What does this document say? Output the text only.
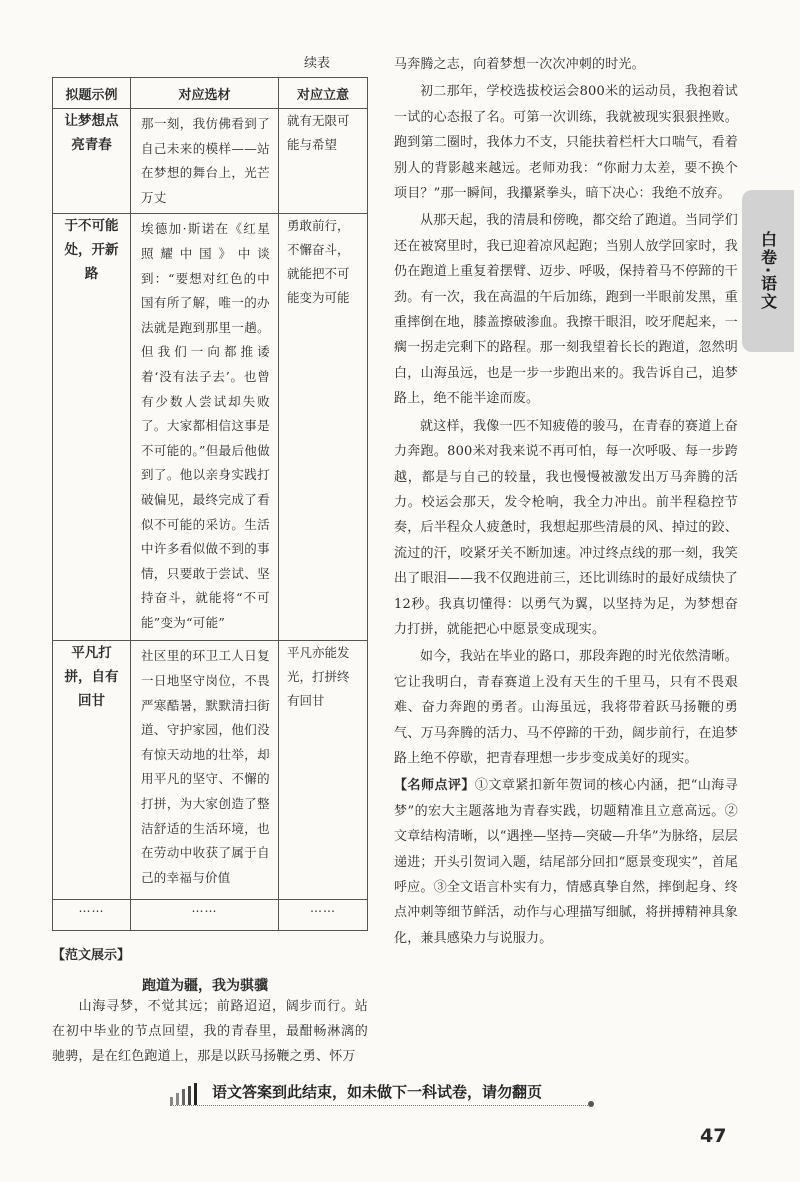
续表
拟题示例	对应选材	对应立意
让梦想点亮青春	那一刻，我仿佛看到了自己未来的模样——站在梦想的舞台上，光芒万丈	就有无限可能与希望
于不可能处，开新路	埃德加·斯诺在《红星照耀中国》中谈到：“要想对红色的中国有所了解，唯一的办法就是跑到那里一趟。但我们一向都推诿着‘没有法子去’。也曾有少数人尝试却失败了。大家都相信这事是不可能的。”但最后他做到了。他以亲身实践打破偏见，最终完成了看似不可能的采访。生活中许多看似做不到的事情，只要敢于尝试、坚持奋斗，就能将“不可能”变为“可能”	勇敢前行，不懈奋斗，就能把不可能变为可能
平凡打拼，自有回甘	社区里的环卫工人日复一日地坚守岗位，不畏严寒酷暑，默默清扫街道、守护家园，他们没有惊天动地的壮举，却用平凡的坚守、不懈的打拼，为大家创造了整洁舒适的生活环境，也在劳动中收获了属于自己的幸福与价值	平凡亦能发光，打拼终有回甘
……	……	……
【范文展示】
跑道为疆，我为骐骥
山海寻梦，不觉其远；前路迢迢，阔步而行。站在初中毕业的节点回望，我的青春里，最酣畅淋漓的驰骋，是在红色跑道上，那是以跃马扬鞭之勇、怀万

马奔腾之志，向着梦想一次次冲刺的时光。

初二那年，学校选拔校运会800米的运动员，我抱着试一试的心态报了名。可第一次训练，我就被现实狠狠挫败。跑到第二圈时，我体力不支，只能扶着栏杆大口喘气，看着别人的背影越来越远。老师劝我：“你耐力太差，要不换个项目？”那一瞬间，我攥紧拳头，暗下决心：我绝不放弃。

从那天起，我的清晨和傍晚，都交给了跑道。当同学们还在被窝里时，我已迎着凉风起跑；当别人放学回家时，我仍在跑道上重复着摆臂、迈步、呼吸，保持着马不停蹄的干劲。有一次，我在高温的午后加练，跑到一半眼前发黑，重重摔倒在地，膝盖擦破渗血。我擦干眼泪，咬牙爬起来，一瘸一拐走完剩下的路程。那一刻我望着长长的跑道，忽然明白，山海虽远，也是一步一步跑出来的。我告诉自己，追梦路上，绝不能半途而废。

就这样，我像一匹不知疲倦的骏马，在青春的赛道上奋力奔跑。800米对我来说不再可怕，每一次呼吸、每一步跨越，都是与自己的较量，我也慢慢被激发出万马奔腾的活力。校运会那天，发令枪响，我全力冲出。前半程稳控节奏，后半程众人疲惫时，我想起那些清晨的风、掉过的跤、流过的汗，咬紧牙关不断加速。冲过终点线的那一刻，我笑出了眼泪——我不仅跑进前三，还比训练时的最好成绩快了12秒。我真切懂得：以勇气为翼，以坚持为足，为梦想奋力打拼，就能把心中愿景变成现实。

如今，我站在毕业的路口，那段奔跑的时光依然清晰。它让我明白，青春赛道上没有天生的千里马，只有不畏艰难、奋力奔跑的勇者。山海虽远，我将带着跃马扬鞭的勇气、万马奔腾的活力、马不停蹄的干劲，阔步前行，在追梦路上绝不停歇，把青春理想一步步变成美好的现实。

【名师点评】①文章紧扣新年贺词的核心内涵，把“山海寻梦”的宏大主题落地为青春实践，切题精准且立意高远。②文章结构清晰，以“遇挫—坚持—突破—升华”为脉络，层层递进；开头引贺词入题，结尾部分回扣“愿景变现实”，首尾呼应。③全文语言朴实有力，情感真挚自然，摔倒起身、终点冲刺等细节鲜活，动作与心理描写细腻，将拼搏精神具象化，兼具感染力与说服力。

白卷·语文
语文答案到此结束，如未做下一科试卷，请勿翻页
47
